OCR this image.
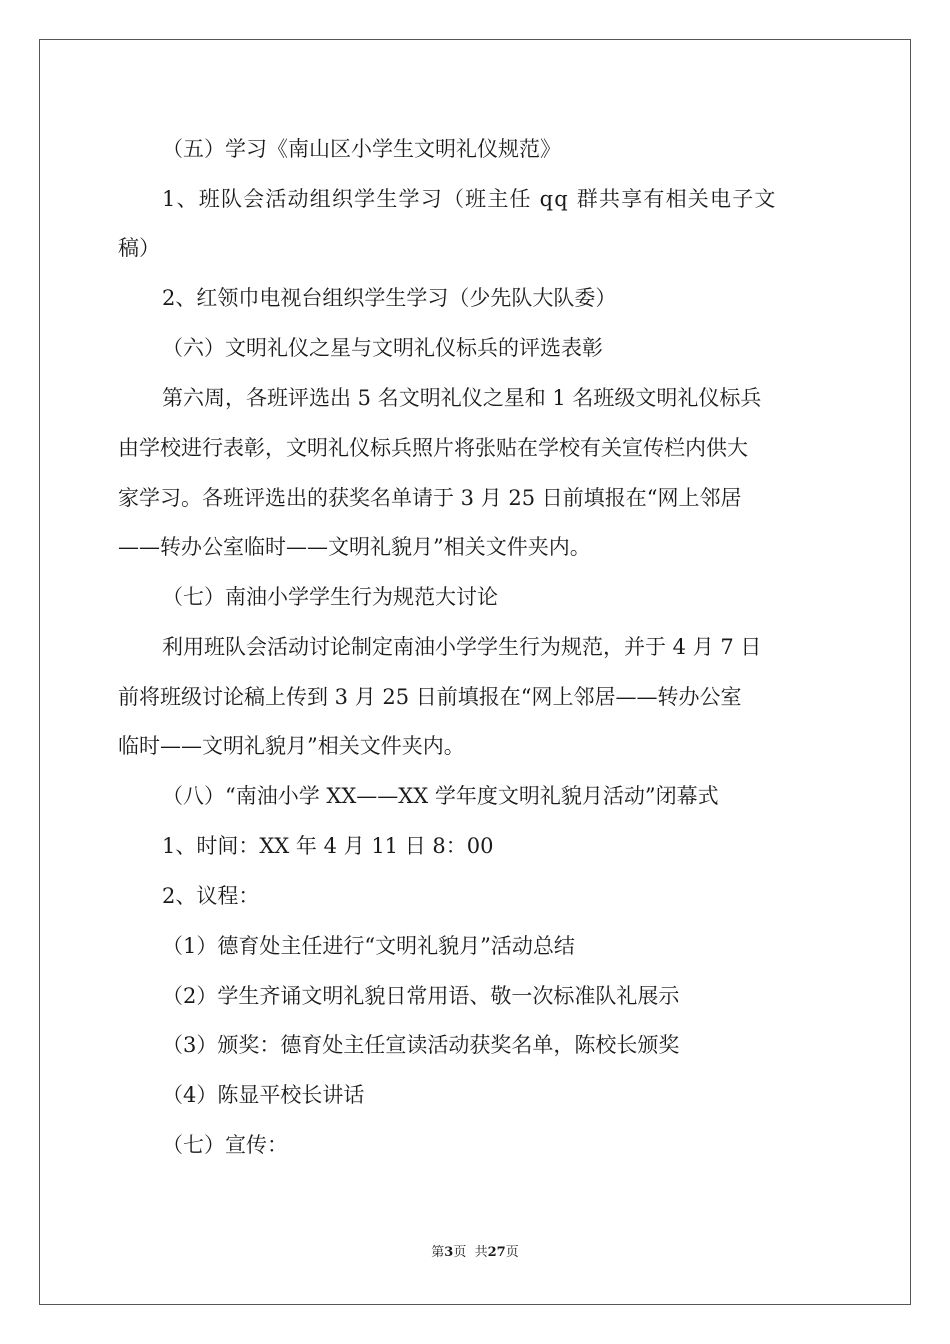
（五）学习《南山区小学生文明礼仪规范》
1、班队会活动组织学生学习（班主任 qq 群共享有相关电子文
稿）
2、红领巾电视台组织学生学习（少先队大队委）
（六）文明礼仪之星与文明礼仪标兵的评选表彰
第六周，各班评选出 5 名文明礼仪之星和 1 名班级文明礼仪标兵
由学校进行表彰，文明礼仪标兵照片将张贴在学校有关宣传栏内供大
家学习。各班评选出的获奖名单请于 3 月 25 日前填报在“网上邻居
——转办公室临时——文明礼貌月”相关文件夹内。
（七）南油小学学生行为规范大讨论
利用班队会活动讨论制定南油小学学生行为规范，并于 4 月 7 日
前将班级讨论稿上传到 3 月 25 日前填报在“网上邻居——转办公室
临时——文明礼貌月”相关文件夹内。
（八）“南油小学 XX——XX 学年度文明礼貌月活动”闭幕式
1、时间：XX 年 4 月 11 日 8：00
2、议程：
（1）德育处主任进行“文明礼貌月”活动总结
（2）学生齐诵文明礼貌日常用语、敬一次标准队礼展示
（3）颁奖：德育处主任宣读活动获奖名单，陈校长颁奖
（4）陈显平校长讲话
（七）宣传：
第3页  共27页
